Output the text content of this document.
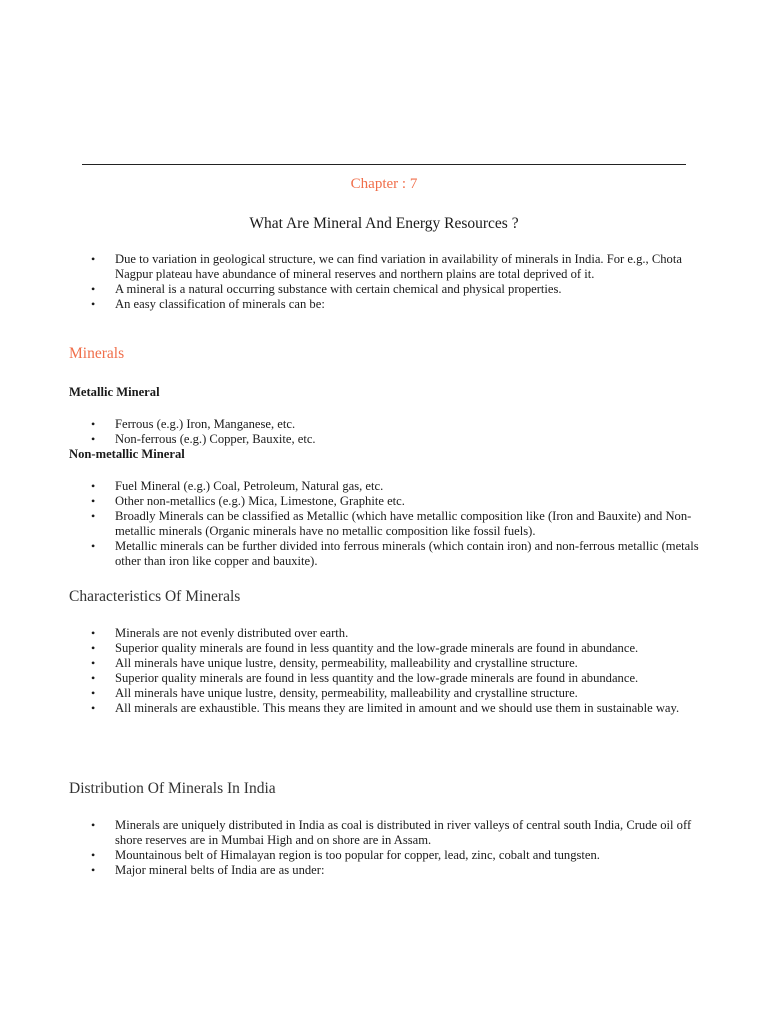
Chapter : 7
What Are Mineral And Energy Resources ?
• Due to variation in geological structure, we can find variation in availability of minerals in India. For e.g., Chota Nagpur plateau have abundance of mineral reserves and northern plains are total deprived of it.
• A mineral is a natural occurring substance with certain chemical and physical properties.
• An easy classification of minerals can be:
Minerals
Metallic Mineral
• Ferrous (e.g.) Iron, Manganese, etc.
• Non-ferrous (e.g.) Copper, Bauxite, etc.
Non-metallic Mineral
• Fuel Mineral (e.g.) Coal, Petroleum, Natural gas, etc.
• Other non-metallics (e.g.) Mica, Limestone, Graphite etc.
• Broadly Minerals can be classified as Metallic (which have metallic composition like (Iron and Bauxite) and Non-metallic minerals (Organic minerals have no metallic composition like fossil fuels).
• Metallic minerals can be further divided into ferrous minerals (which contain iron) and non-ferrous metallic (metals other than iron like copper and bauxite).
Characteristics Of Minerals
• Minerals are not evenly distributed over earth.
• Superior quality minerals are found in less quantity and the low-grade minerals are found in abundance.
• All minerals have unique lustre, density, permeability, malleability and crystalline structure.
• Superior quality minerals are found in less quantity and the low-grade minerals are found in abundance.
• All minerals have unique lustre, density, permeability, malleability and crystalline structure.
• All minerals are exhaustible. This means they are limited in amount and we should use them in sustainable way.
Distribution Of Minerals In India
• Minerals are uniquely distributed in India as coal is distributed in river valleys of central south India, Crude oil off shore reserves are in Mumbai High and on shore are in Assam.
• Mountainous belt of Himalayan region is too popular for copper, lead, zinc, cobalt and tungsten.
• Major mineral belts of India are as under:
